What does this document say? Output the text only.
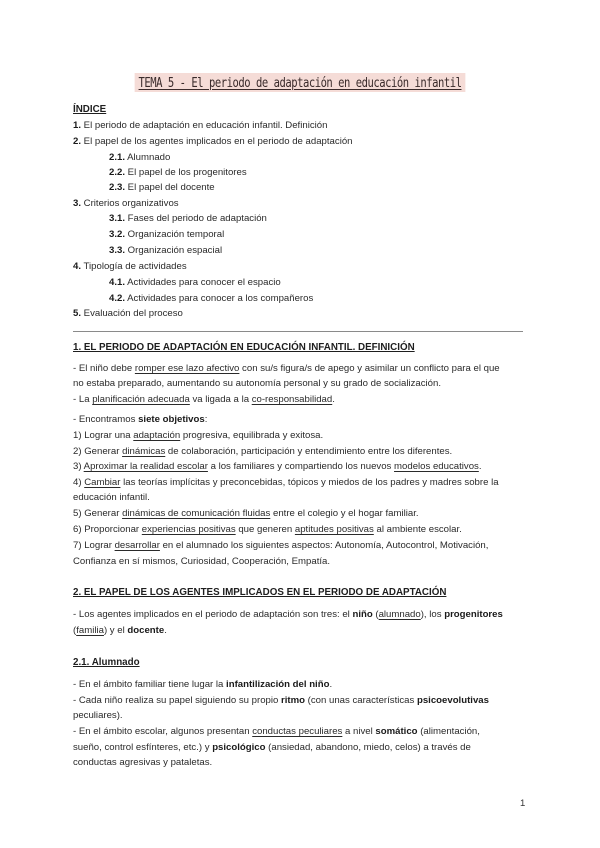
TEMA 5 - El periodo de adaptación en educación infantil
ÍNDICE
1. El periodo de adaptación en educación infantil. Definición
2. El papel de los agentes implicados en el periodo de adaptación
2.1. Alumnado
2.2. El papel de los progenitores
2.3. El papel del docente
3. Criterios organizativos
3.1. Fases del periodo de adaptación
3.2. Organización temporal
3.3. Organización espacial
4. Tipología de actividades
4.1. Actividades para conocer el espacio
4.2. Actividades para conocer a los compañeros
5. Evaluación del proceso
1. EL PERIODO DE ADAPTACIÓN EN EDUCACIÓN INFANTIL. DEFINICIÓN
- El niño debe romper ese lazo afectivo con su/s figura/s de apego y asimilar un conflicto para el que
no estaba preparado, aumentando su autonomía personal y su grado de socialización.
- La planificación adecuada va ligada a la co-responsabilidad.
- Encontramos siete objetivos:
1) Lograr una adaptación progresiva, equilibrada y exitosa.
2) Generar dinámicas de colaboración, participación y entendimiento entre los diferentes.
3) Aproximar la realidad escolar a los familiares y compartiendo los nuevos modelos educativos.
4) Cambiar las teorías implícitas y preconcebidas, tópicos y miedos de los padres y madres sobre la
educación infantil.
5) Generar dinámicas de comunicación fluidas entre el colegio y el hogar familiar.
6) Proporcionar experiencias positivas que generen aptitudes positivas al ambiente escolar.
7) Lograr desarrollar en el alumnado los siguientes aspectos: Autonomía, Autocontrol, Motivación,
Confianza en sí mismos, Curiosidad, Cooperación, Empatía.
2. EL PAPEL DE LOS AGENTES IMPLICADOS EN EL PERIODO DE ADAPTACIÓN
- Los agentes implicados en el periodo de adaptación son tres: el niño (alumnado), los progenitores
(familia) y el docente.
2.1. Alumnado
- En el ámbito familiar tiene lugar la infantilización del niño.
- Cada niño realiza su papel siguiendo su propio ritmo (con unas características psicoevolutivas
peculiares).
- En el ámbito escolar, algunos presentan conductas peculiares a nivel somático (alimentación,
sueño, control esfínteres, etc.) y psicológico (ansiedad, abandono, miedo, celos) a través de
conductas agresivas y pataletas.
1
